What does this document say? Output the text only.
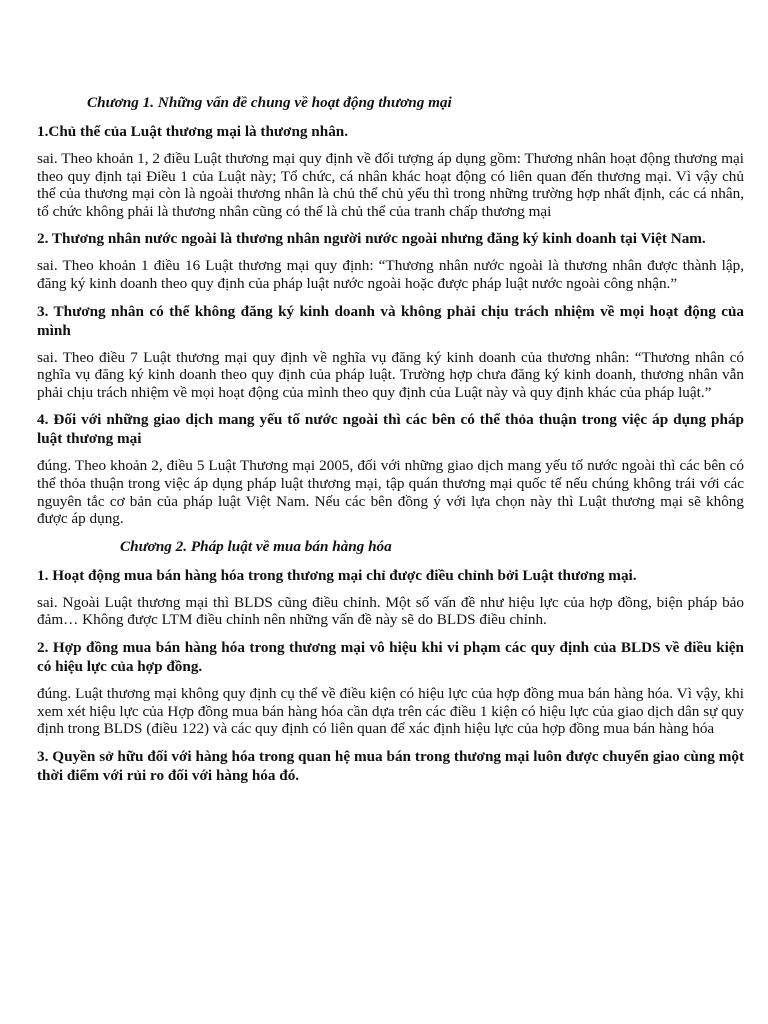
Chương 1. Những vấn đề chung về hoạt động thương mại
1.Chủ thể của Luật thương mại là thương nhân.
sai. Theo khoản 1, 2 điều Luật thương mại quy định về đối tượng áp dụng gồm: Thương nhân hoạt động thương mại theo quy định tại Điều 1 của Luật này; Tổ chức, cá nhân khác hoạt động có liên quan đến thương mại. Vì vậy chủ thể của thương mại còn là ngoài thương nhân là chủ thể chủ yếu thì trong những trường hợp nhất định, các cá nhân, tổ chức không phải là thương nhân cũng có thể là chủ thể của tranh chấp thương mại
2. Thương nhân nước ngoài là thương nhân người nước ngoài nhưng đăng ký kinh doanh tại Việt Nam.
sai. Theo khoản 1 điều 16 Luật thương mại quy định: “Thương nhân nước ngoài là thương nhân được thành lập, đăng ký kinh doanh theo quy định của pháp luật nước ngoài hoặc được pháp luật nước ngoài công nhận.”
3. Thương nhân có thể không đăng ký kinh doanh và không phải chịu trách nhiệm về mọi hoạt động của mình
sai. Theo điều 7 Luật thương mại quy định về nghĩa vụ đăng ký kinh doanh của thương nhân: “Thương nhân có nghĩa vụ đăng ký kinh doanh theo quy định của pháp luật. Trường hợp chưa đăng ký kinh doanh, thương nhân vẫn phải chịu trách nhiệm về mọi hoạt động của mình theo quy định của Luật này và quy định khác của pháp luật.”
4. Đối với những giao dịch mang yếu tố nước ngoài thì các bên có thể thỏa thuận trong việc áp dụng pháp luật thương mại
đúng. Theo khoản 2, điều 5 Luật Thương mại 2005, đối với những giao dịch mang yếu tố nước ngoài thì các bên có thể thỏa thuận trong việc áp dụng pháp luật thương mại, tập quán thương mại quốc tế nếu chúng không trái với các nguyên tắc cơ bản của pháp luật Việt Nam. Nếu các bên đồng ý với lựa chọn này thì Luật thương mại sẽ không được áp dụng.
Chương 2. Pháp luật về mua bán hàng hóa
1. Hoạt động mua bán hàng hóa trong thương mại chỉ được điều chỉnh bởi Luật thương mại.
sai. Ngoài Luật thương mại thì BLDS cũng điều chỉnh. Một số vấn đề như hiệu lực của hợp đồng, biện pháp bảo đảm… Không được LTM điều chỉnh nên những vấn đề này sẽ do BLDS điều chỉnh.
2. Hợp đồng mua bán hàng hóa trong thương mại vô hiệu khi vi phạm các quy định của BLDS về điều kiện có hiệu lực của hợp đồng.
đúng. Luật thương mại không quy định cụ thể về điều kiện có hiệu lực của hợp đồng mua bán hàng hóa. Vì vậy, khi xem xét hiệu lực của Hợp đồng mua bán hàng hóa cần dựa trên các điều 1 kiện có hiệu lực của giao dịch dân sự quy định trong BLDS (điều 122) và các quy định có liên quan để xác định hiệu lực của hợp đồng mua bán hàng hóa
3. Quyền sở hữu đối với hàng hóa trong quan hệ mua bán trong thương mại luôn được chuyển giao cùng một thời điểm với rủi ro đối với hàng hóa đó.
